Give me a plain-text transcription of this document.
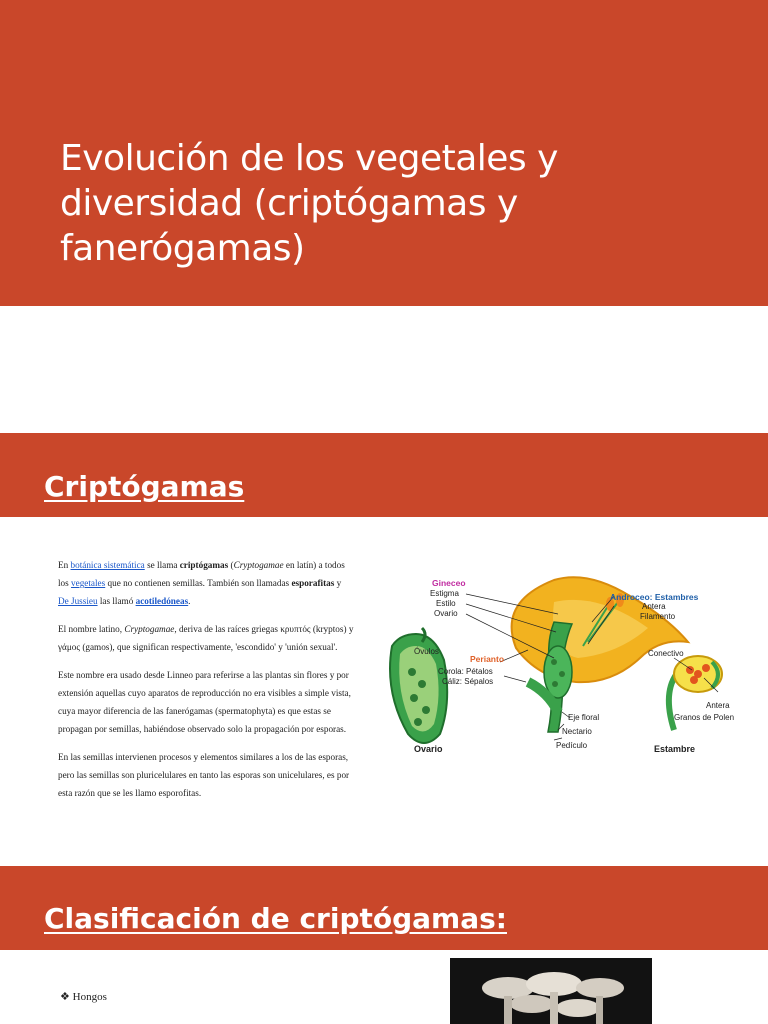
Evolución de los vegetales y diversidad (criptógamas y fanerógamas)
Criptógamas

En botánica sistemática se llama criptógamas (Cryptogamae en latín) a todos los vegetales que no contienen semillas. También son llamadas esporafitas y De Jussieu las llamó acotiledóneas.

El nombre latino, Cryptogamae, deriva de las raíces griegas κρυπτός (kryptos) y γάμος (gamos), que significan respectivamente, 'escondido' y 'unión sexual'.

Este nombre era usado desde Linneo para referirse a las plantas sin flores y por extensión aquellas cuyo aparatos de reproducción no era visibles a simple vista, cuya mayor diferencia de las fanerógamas (spermatophyta) es que estas se propagan por semillas, habiéndose observado solo la propagación por esporas.

En las semillas intervienen procesos y elementos similares a los de las esporas, pero las semillas son pluricelulares en tanto las esporas son unicelulares, es por esta razón que se les llamo esporofitas.

Gineceo
Estigma
Estilo
Ovario
Androceo: Estambres
Antera
Filamento
Óvulos
Perianto
Corola: Pétalos
Cáliz: Sépalos
Conectivo
Eje floral
Nectario
Pedículo
Antera
Granos de Polen
Ovario	Estambre
Clasificación de criptógamas:
❖ Hongos
